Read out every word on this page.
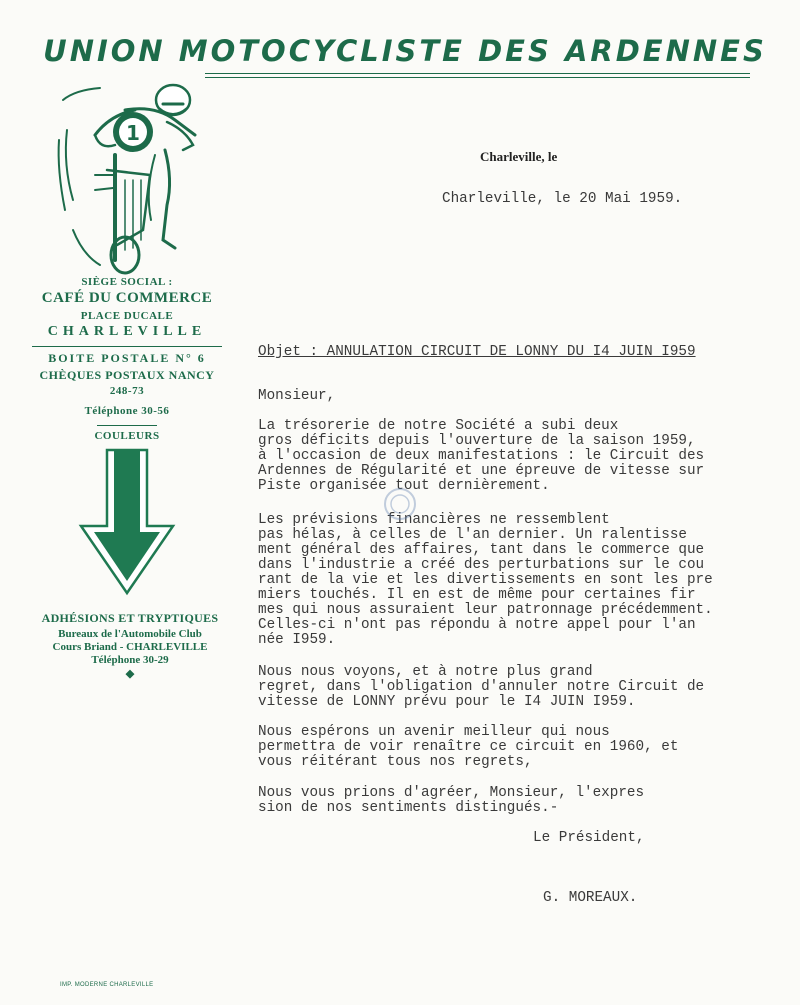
UNION MOTOCYCLISTE DES ARDENNES
1
SIÈGE SOCIAL :
CAFÉ DU COMMERCE
PLACE DUCALE
CHARLEVILLE
BOITE POSTALE N° 6
CHÈQUES POSTAUX NANCY
248-73
Téléphone 30-56
COULEURS
ADHÉSIONS ET TRYPTIQUES
Bureaux de l'Automobile Club
Cours Briand - CHARLEVILLE
Téléphone 30-29
◆
IMP. MODERNE CHARLEVILLE
Charleville, le
Charleville, le 20 Mai 1959.
Objet : ANNULATION CIRCUIT DE LONNY DU I4 JUIN I959
Monsieur,
La trésorerie de notre Société a subi deux
gros déficits depuis l'ouverture de la saison 1959,
à l'occasion de deux manifestations : le Circuit des
Ardennes de Régularité et une épreuve de vitesse sur
Piste organisée tout dernièrement.
Les prévisions financières ne ressemblent
pas hélas, à celles de l'an dernier. Un ralentisse
ment général des affaires, tant dans le commerce que
dans l'industrie a créé des perturbations sur le cou
rant de la vie et les divertissements en sont les pre
miers touchés. Il en est de même pour certaines fir
mes qui nous assuraient leur patronnage précédemment.
Celles-ci n'ont pas répondu à notre appel pour l'an
née I959.
Nous nous voyons, et à notre plus grand
regret, dans l'obligation d'annuler notre Circuit de
vitesse de LONNY prévu pour le I4 JUIN I959.
Nous espérons un avenir meilleur qui nous
permettra de voir renaître ce circuit en 1960, et
vous réitérant tous nos regrets,
Nous vous prions d'agréer, Monsieur, l'expres
sion de nos sentiments distingués.-
Le Président,
G. MOREAUX.
